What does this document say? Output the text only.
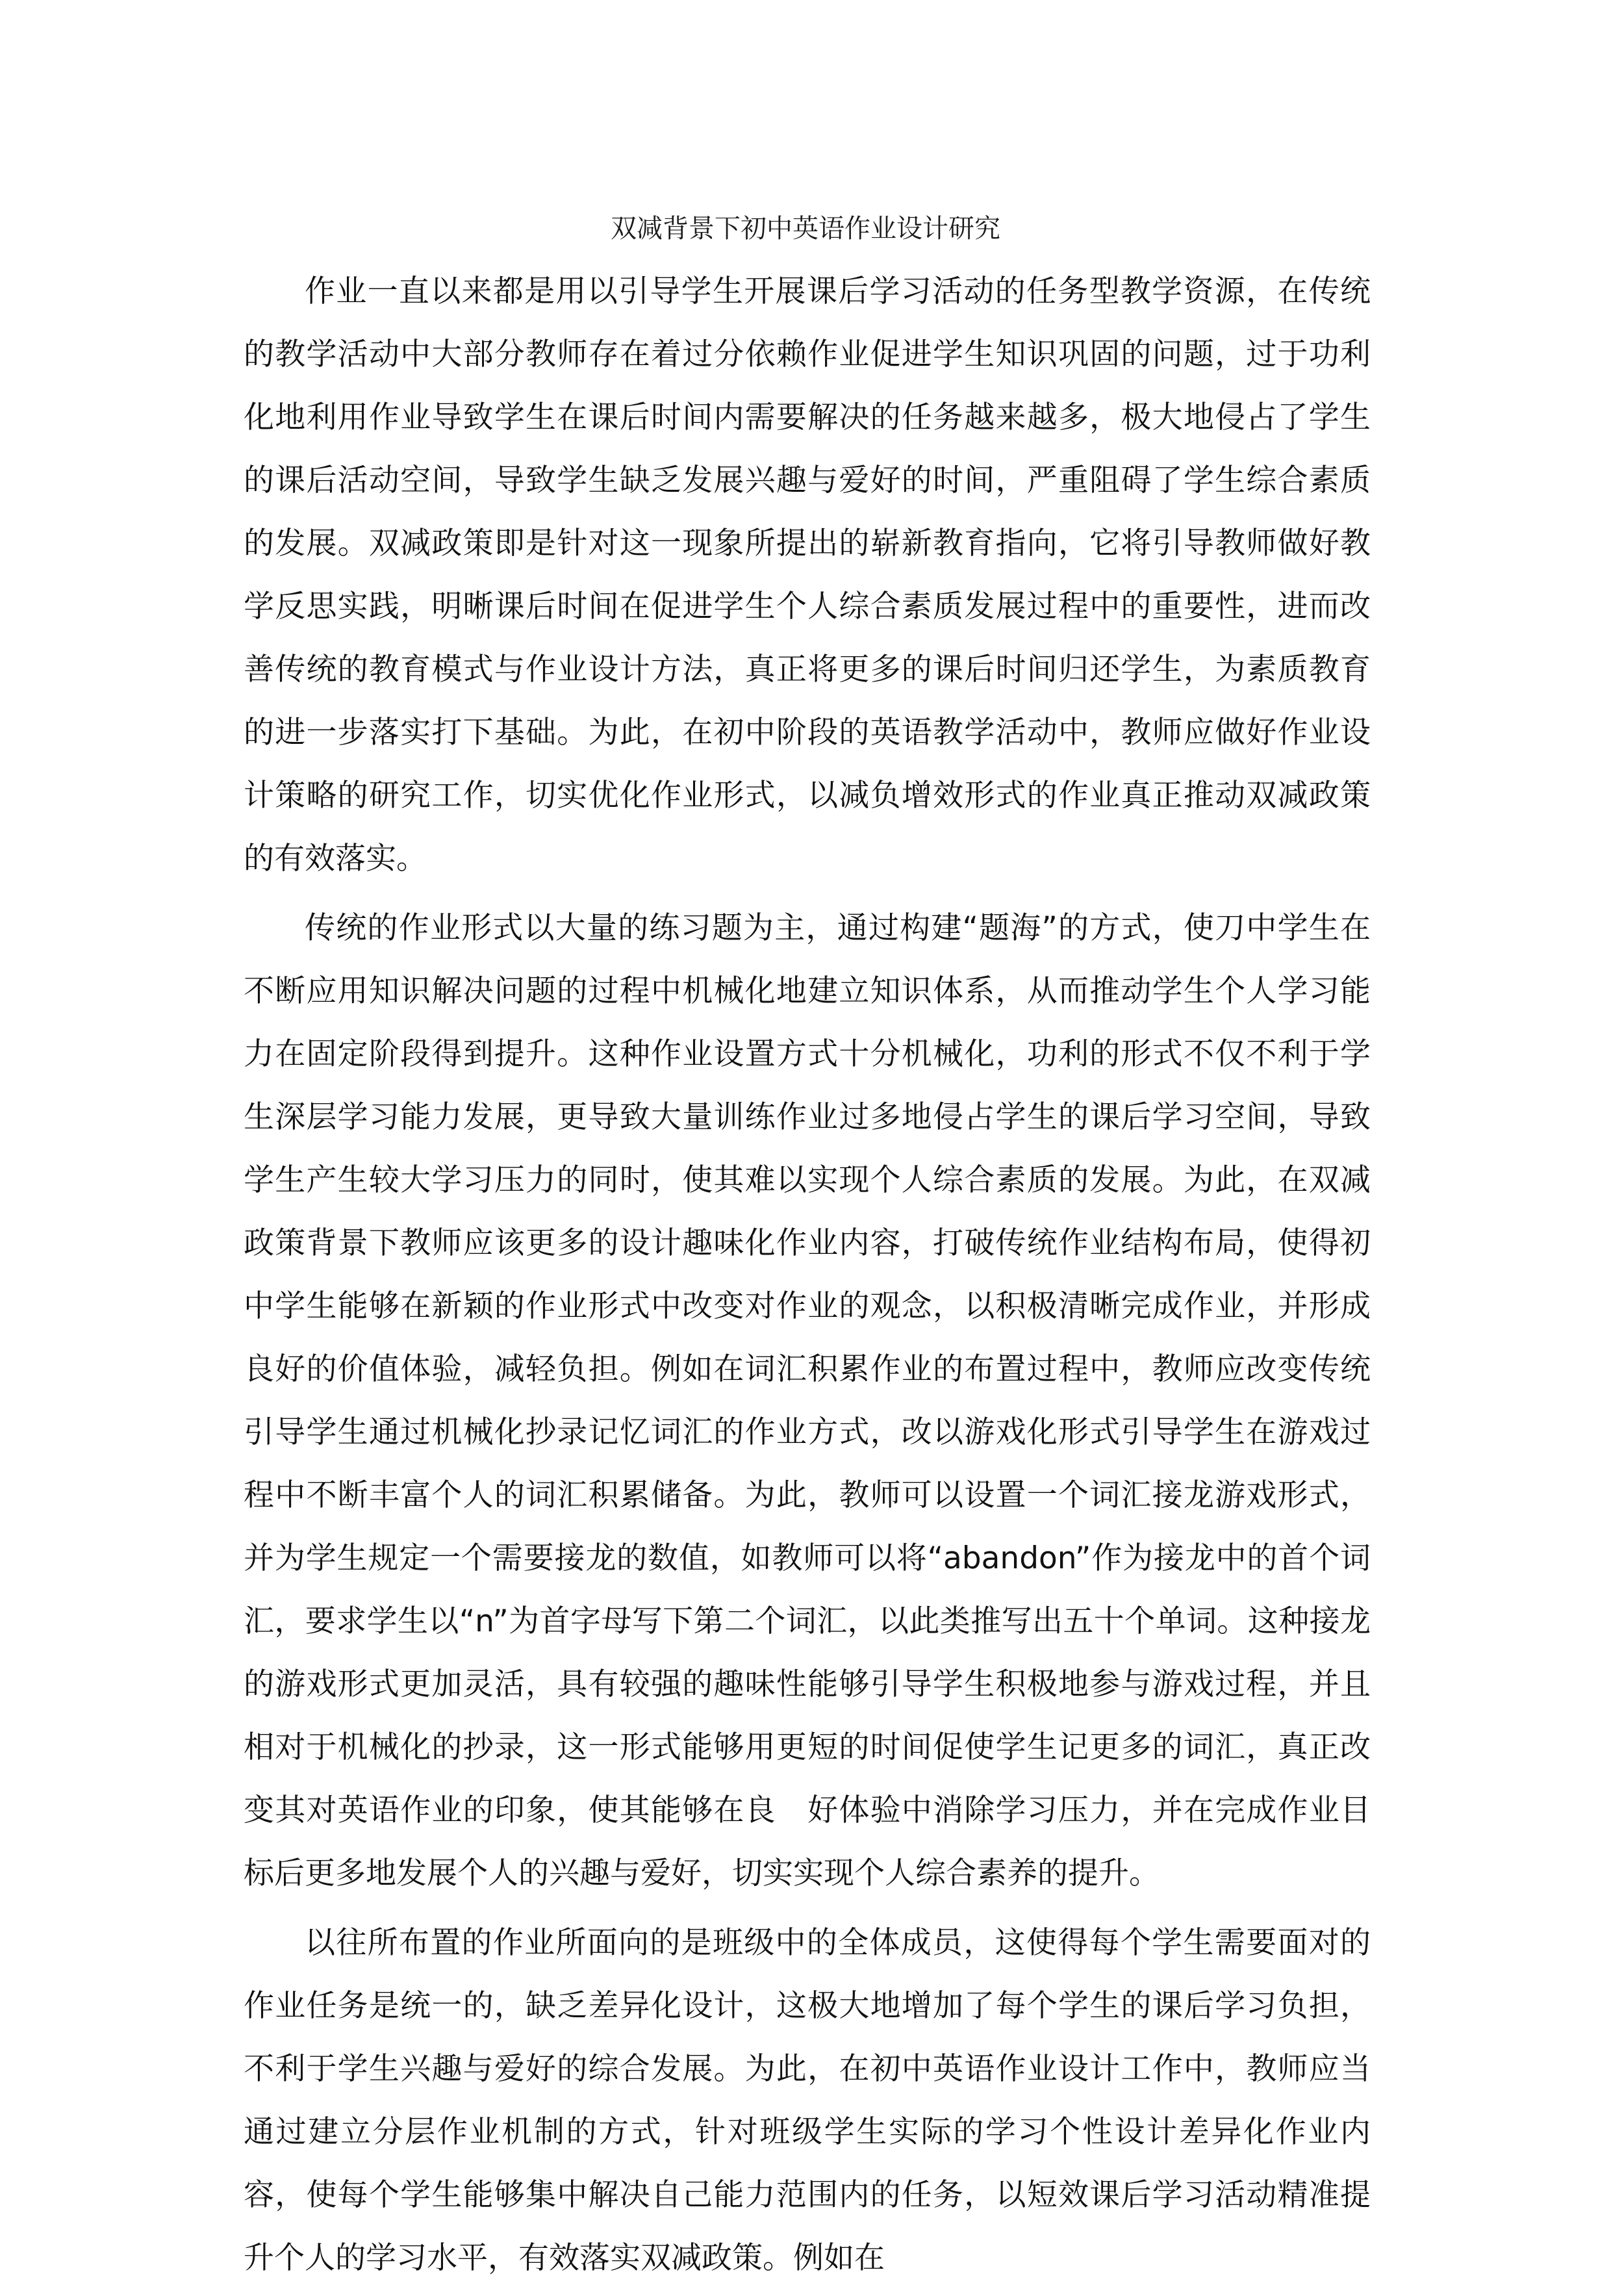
双减背景下初中英语作业设计研究

作业一直以来都是用以引导学生开展课后学习活动的任务型教学资源，在传统的教学活动中大部分教师存在着过分依赖作业促进学生知识巩固的问题，过于功利化地利用作业导致学生在课后时间内需要解决的任务越来越多，极大地侵占了学生的课后活动空间，导致学生缺乏发展兴趣与爱好的时间，严重阻碍了学生综合素质的发展。双减政策即是针对这一现象所提出的崭新教育指向，它将引导教师做好教学反思实践，明晰课后时间在促进学生个人综合素质发展过程中的重要性，进而改善传统的教育模式与作业设计方法，真正将更多的课后时间归还学生，为素质教育的进一步落实打下基础。为此，在初中阶段的英语教学活动中，教师应做好作业设计策略的研究工作，切实优化作业形式，以减负增效形式的作业真正推动双减政策的有效落实。

传统的作业形式以大量的练习题为主，通过构建“题海”的方式，使刀中学生在不断应用知识解决问题的过程中机械化地建立知识体系，从而推动学生个人学习能力在固定阶段得到提升。这种作业设置方式十分机械化，功利的形式不仅不利于学生深层学习能力发展，更导致大量训练作业过多地侵占学生的课后学习空间，导致学生产生较大学习压力的同时，使其难以实现个人综合素质的发展。为此，在双减政策背景下教师应该更多的设计趣味化作业内容，打破传统作业结构布局，使得初中学生能够在新颖的作业形式中改变对作业的观念，以积极清晰完成作业，并形成良好的价值体验，减轻负担。例如在词汇积累作业的布置过程中，教师应改变传统引导学生通过机械化抄录记忆词汇的作业方式，改以游戏化形式引导学生在游戏过程中不断丰富个人的词汇积累储备。为此，教师可以设置一个词汇接龙游戏形式，并为学生规定一个需要接龙的数值，如教师可以将“abandon”作为接龙中的首个词汇，要求学生以“n”为首字母写下第二个词汇，以此类推写出五十个单词。这种接龙的游戏形式更加灵活，具有较强的趣味性能够引导学生积极地参与游戏过程，并且相对于机械化的抄录，这一形式能够用更短的时间促使学生记更多的词汇，真正改变其对英语作业的印象，使其能够在良　好体验中消除学习压力，并在完成作业目标后更多地发展个人的兴趣与爱好，切实实现个人综合素养的提升。

以往所布置的作业所面向的是班级中的全体成员，这使得每个学生需要面对的作业任务是统一的，缺乏差异化设计，这极大地增加了每个学生的课后学习负担，不利于学生兴趣与爱好的综合发展。为此，在初中英语作业设计工作中，教师应当通过建立分层作业机制的方式，针对班级学生实际的学习个性设计差异化作业内容，使每个学生能够集中解决自己能力范围内的任务，以短效课后学习活动精准提升个人的学习水平，有效落实双减政策。例如在
